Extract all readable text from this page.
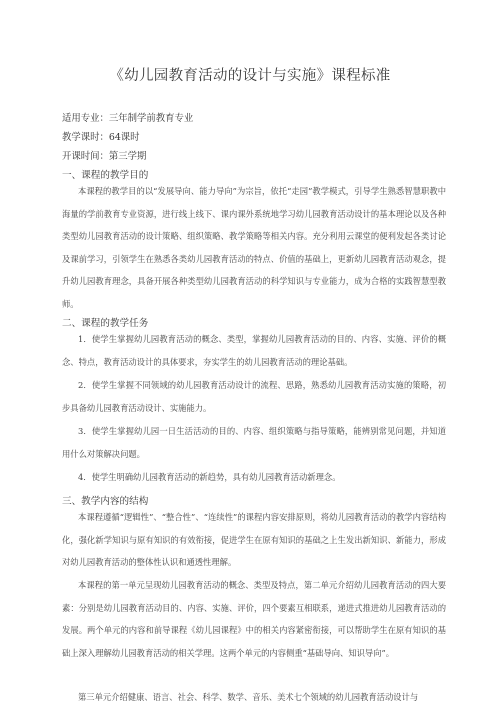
《幼儿园教育活动的设计与实施》课程标准
适用专业：三年制学前教育专业
教学课时：64课时
开课时间：第三学期
一、课程的教学目的

本课程的教学目的以“发展导向、能力导向”为宗旨，依托“走园”教学模式，引导学生熟悉智慧职教中海量的学前教育专业资源，进行线上线下、课内课外系统地学习幼儿园教育活动设计的基本理论以及各种类型幼儿园教育活动的设计策略、组织策略、教学策略等相关内容。充分利用云课堂的便利发起各类讨论及课前学习，引领学生在熟悉各类幼儿园教育活动的特点、价值的基础上，更新幼儿园教育活动观念，提升幼儿园教育理念，具备开展各种类型幼儿园教育活动的科学知识与专业能力，成为合格的实践智慧型教师。

二、课程的教学任务

1．使学生掌握幼儿园教育活动的概念、类型，掌握幼儿园教育活动的目的、内容、实施、评价的概念、特点，教育活动设计的具体要求，夯实学生的幼儿园教育活动的理论基础。

2．使学生掌握不同领域的幼儿园教育活动设计的流程、思路，熟悉幼儿园教育活动实施的策略，初步具备幼儿园教育活动设计、实施能力。

3．使学生掌握幼儿园一日生活活动的目的、内容、组织策略与指导策略，能辨别常见问题，并知道用什么对策解决问题。

4．使学生明确幼儿园教育活动的新趋势，具有幼儿园教育活动新理念。

三、教学内容的结构

本课程遵循“逻辑性”、“整合性”、“连续性”的课程内容安排原则，将幼儿园教育活动的教学内容结构化，强化新学知识与原有知识的有效衔接，促进学生在原有知识的基础之上生发出新知识、新能力，形成对幼儿园教育活动的整体性认识和通透性理解。

本课程的第一单元呈现幼儿园教育活动的概念、类型及特点，第二单元介绍幼儿园教育活动的四大要素：分别是幼儿园教育活动目的、内容、实施、评价，四个要素互相联系，递进式推进幼儿园教育活动的发展。两个单元的内容和前导课程《幼儿园课程》中的相关内容紧密衔接，可以帮助学生在原有知识的基础上深入理解幼儿园教育活动的相关学理。这两个单元的内容侧重“基础导向、知识导向”。

第三单元介绍健康、语言、社会、科学、数学、音乐、美术七个领域的幼儿园教育活动设计与
